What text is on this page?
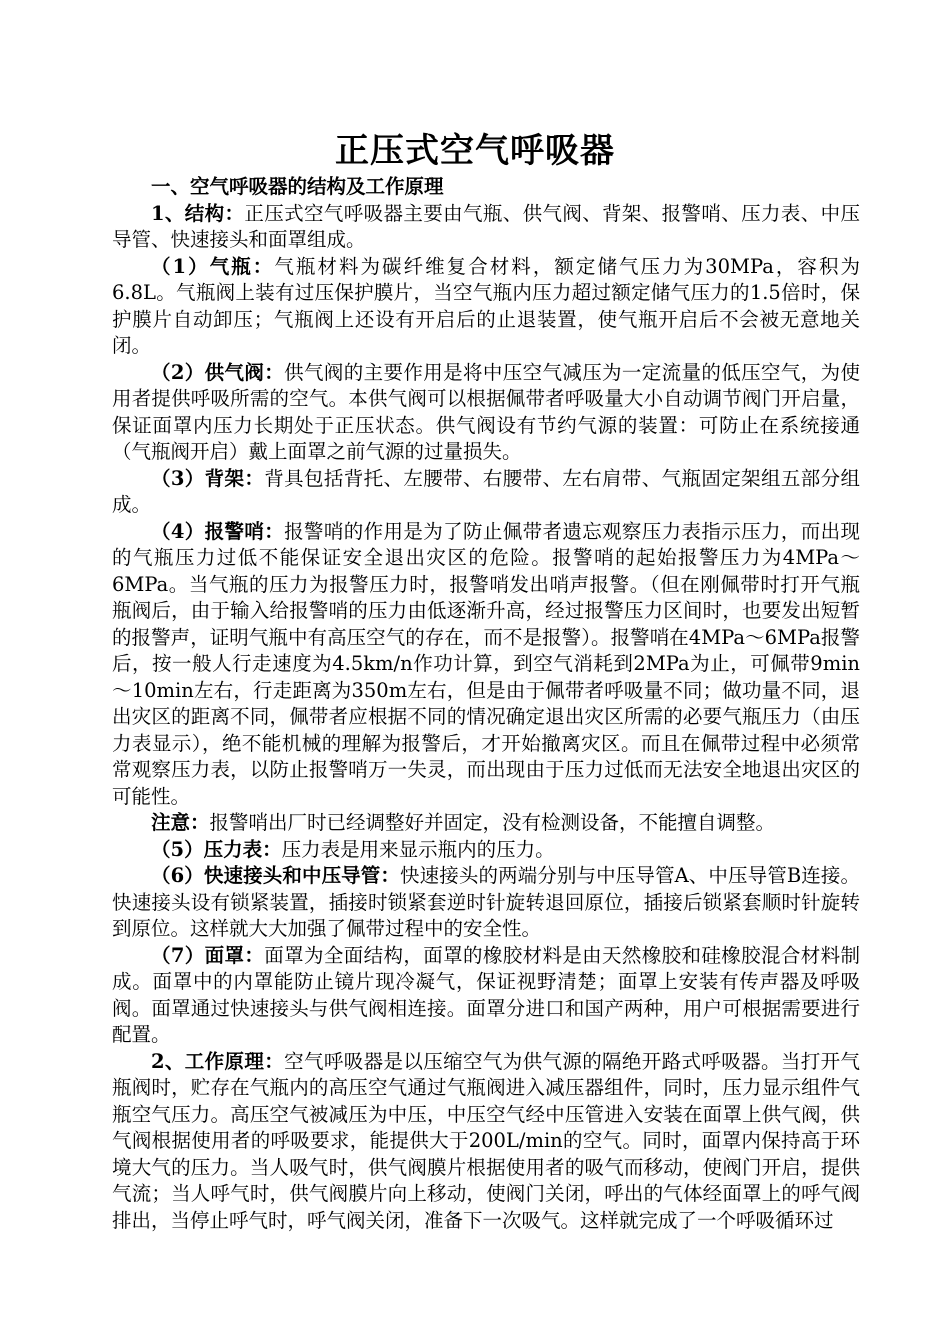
正压式空气呼吸器

一、空气呼吸器的结构及工作原理

1、结构：正压式空气呼吸器主要由气瓶、供气阀、背架、报警哨、压力表、中压导管、快速接头和面罩组成。

（1）气瓶：气瓶材料为碳纤维复合材料，额定储气压力为30MPa，容积为6.8L。气瓶阀上装有过压保护膜片，当空气瓶内压力超过额定储气压力的1.5倍时，保护膜片自动卸压；气瓶阀上还设有开启后的止退装置，使气瓶开启后不会被无意地关闭。

（2）供气阀：供气阀的主要作用是将中压空气减压为一定流量的低压空气，为使用者提供呼吸所需的空气。本供气阀可以根据佩带者呼吸量大小自动调节阀门开启量，保证面罩内压力长期处于正压状态。供气阀设有节约气源的装置：可防止在系统接通（气瓶阀开启）戴上面罩之前气源的过量损失。

（3）背架：背具包括背托、左腰带、右腰带、左右肩带、气瓶固定架组五部分组成。

（4）报警哨：报警哨的作用是为了防止佩带者遗忘观察压力表指示压力，而出现的气瓶压力过低不能保证安全退出灾区的危险。报警哨的起始报警压力为4MPa～6MPa。当气瓶的压力为报警压力时，报警哨发出哨声报警。（但在刚佩带时打开气瓶瓶阀后，由于输入给报警哨的压力由低逐渐升高，经过报警压力区间时，也要发出短暂的报警声，证明气瓶中有高压空气的存在，而不是报警）。报警哨在4MPa～6MPa报警后，按一般人行走速度为4.5km/n作功计算，到空气消耗到2MPa为止，可佩带9min～10min左右，行走距离为350m左右，但是由于佩带者呼吸量不同；做功量不同，退出灾区的距离不同，佩带者应根据不同的情况确定退出灾区所需的必要气瓶压力（由压力表显示），绝不能机械的理解为报警后，才开始撤离灾区。而且在佩带过程中必须常常观察压力表，以防止报警哨万一失灵，而出现由于压力过低而无法安全地退出灾区的可能性。

注意：报警哨出厂时已经调整好并固定，没有检测设备，不能擅自调整。

（5）压力表：压力表是用来显示瓶内的压力。

（6）快速接头和中压导管：快速接头的两端分别与中压导管A、中压导管B连接。快速接头设有锁紧装置，插接时锁紧套逆时针旋转退回原位，插接后锁紧套顺时针旋转到原位。这样就大大加强了佩带过程中的安全性。

（7）面罩：面罩为全面结构，面罩的橡胶材料是由天然橡胶和硅橡胶混合材料制成。面罩中的内罩能防止镜片现冷凝气，保证视野清楚；面罩上安装有传声器及呼吸阀。面罩通过快速接头与供气阀相连接。面罩分进口和国产两种，用户可根据需要进行配置。

2、工作原理：空气呼吸器是以压缩空气为供气源的隔绝开路式呼吸器。当打开气瓶阀时，贮存在气瓶内的高压空气通过气瓶阀进入减压器组件，同时，压力显示组件气瓶空气压力。高压空气被减压为中压，中压空气经中压管进入安装在面罩上供气阀，供气阀根据使用者的呼吸要求，能提供大于200L/min的空气。同时，面罩内保持高于环境大气的压力。当人吸气时，供气阀膜片根据使用者的吸气而移动，使阀门开启，提供气流；当人呼气时，供气阀膜片向上移动，使阀门关闭，呼出的气体经面罩上的呼气阀排出，当停止呼气时，呼气阀关闭，准备下一次吸气。这样就完成了一个呼吸循环过
